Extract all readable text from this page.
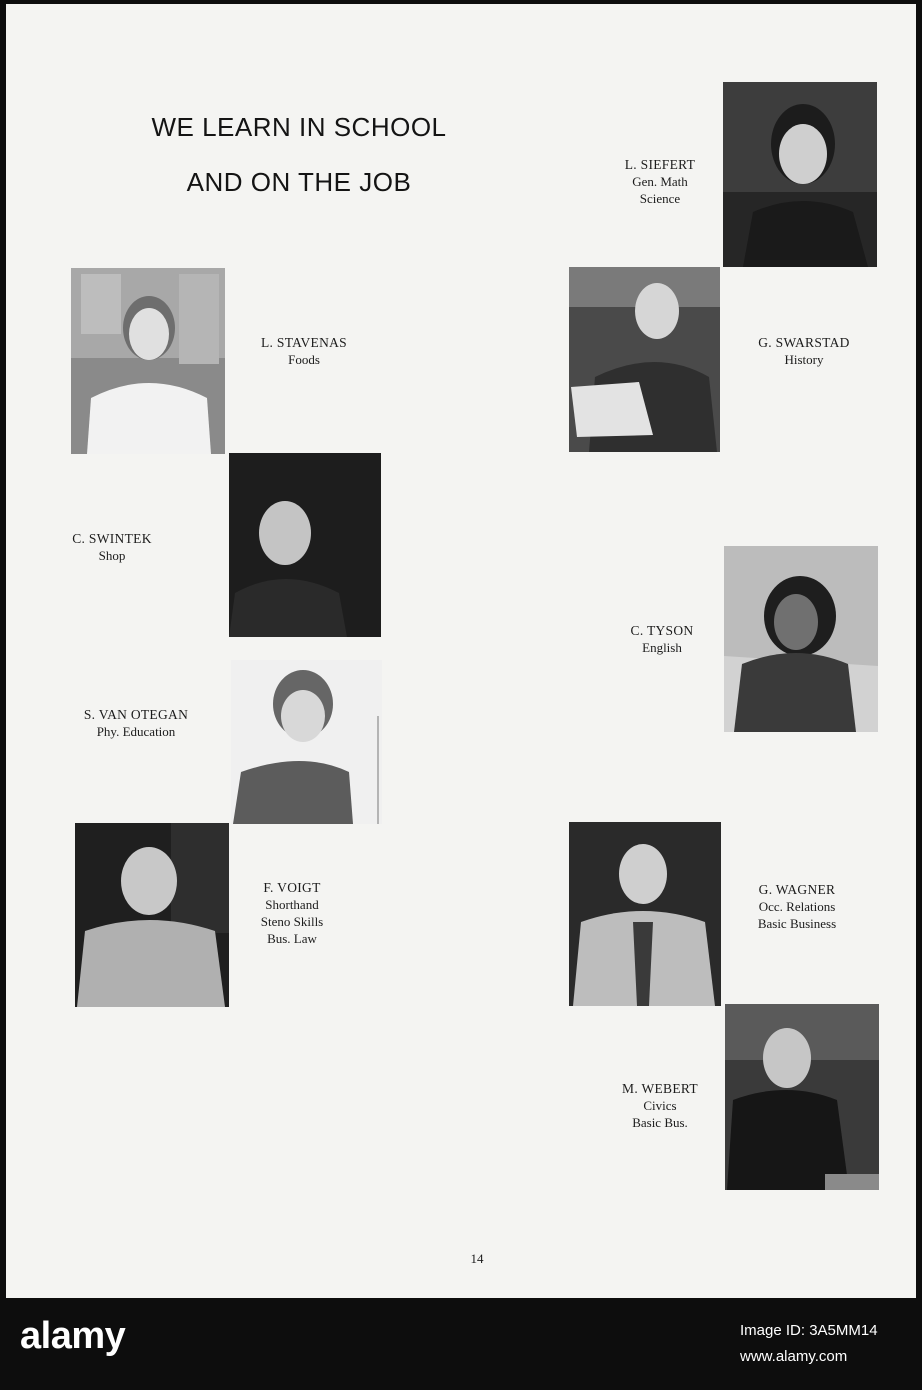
WE LEARN IN SCHOOL
AND ON THE JOB
L. SIEFERT
Gen. Math
Science
L. STAVENAS
Foods
G. SWARSTAD
History
C. SWINTEK
Shop
C. TYSON
English
S. VAN OTEGAN
Phy. Education
F. VOIGT
Shorthand
Steno Skills
Bus. Law
G. WAGNER
Occ. Relations
Basic Business
M. WEBERT
Civics
Basic Bus.
14
alamy	Image ID: 3A5MM14
www.alamy.com
